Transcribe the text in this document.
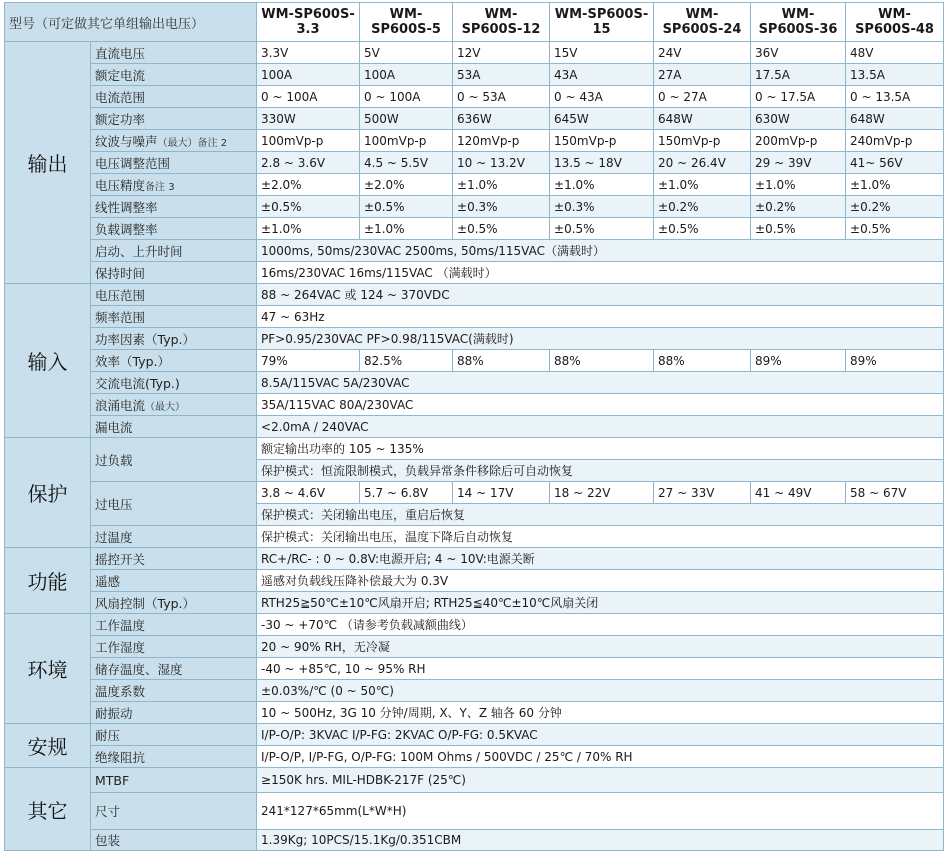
型号（可定做其它单组输出电压）		WM-SP600S-3.3	WM-SP600S-5	WM-SP600S-12	WM-SP600S-15	WM-SP600S-24	WM-SP600S-36	WM-SP600S-48
输出	直流电压	3.3V	5V	12V	15V	24V	36V	48V
	额定电流	100A	100A	53A	43A	27A	17.5A	13.5A
	电流范围	0 ~ 100A	0 ~ 100A	0 ~ 53A	0 ~ 43A	0 ~ 27A	0 ~ 17.5A	0 ~ 13.5A
	额定功率	330W	500W	636W	645W	648W	630W	648W
	纹波与噪声（最大）备注 2	100mVp-p	100mVp-p	120mVp-p	150mVp-p	150mVp-p	200mVp-p	240mVp-p
	电压调整范围	2.8 ~ 3.6V	4.5 ~ 5.5V	10 ~ 13.2V	13.5 ~ 18V	20 ~ 26.4V	29 ~ 39V	41~ 56V
	电压精度备注 3	±2.0%	±2.0%	±1.0%	±1.0%	±1.0%	±1.0%	±1.0%
	线性调整率	±0.5%	±0.5%	±0.3%	±0.3%	±0.2%	±0.2%	±0.2%
	负载调整率	±1.0%	±1.0%	±0.5%	±0.5%	±0.5%	±0.5%	±0.5%
	启动、上升时间	1000ms, 50ms/230VAC 2500ms, 50ms/115VAC（满载时）						
	保持时间	16ms/230VAC 16ms/115VAC （满载时）						
输入	电压范围	88 ~ 264VAC 或 124 ~ 370VDC						
	频率范围	47 ~ 63Hz						
	功率因素（Typ.）	PF>0.95/230VAC PF>0.98/115VAC(满载时)						
	效率（Typ.）	79%	82.5%	88%	88%	88%	89%	89%
	交流电流(Typ.)	8.5A/115VAC 5A/230VAC						
	浪涌电流（最大）	35A/115VAC 80A/230VAC						
	漏电流	<2.0mA / 240VAC						
保护	过负载	额定输出功率的 105 ~ 135%						
		保护模式：恒流限制模式，负载异常条件移除后可自动恢复						
	过电压	3.8 ~ 4.6V	5.7 ~ 6.8V	14 ~ 17V	18 ~ 22V	27 ~ 33V	41 ~ 49V	58 ~ 67V
		保护模式：关闭输出电压，重启后恢复						
	过温度	保护模式：关闭输出电压，温度下降后自动恢复						
功能	摇控开关	RC+/RC- : 0 ~ 0.8V:电源开启; 4 ~ 10V:电源关断						
	遥感	遥感对负载线压降补偿最大为 0.3V						
	风扇控制（Typ.）	RTH25≧50℃±10℃风扇开启; RTH25≦40℃±10℃风扇关闭						
环境	工作温度	-30 ~ +70℃ （请参考负载减额曲线）						
	工作湿度	20 ~ 90% RH，无冷凝						
	储存温度、湿度	-40 ~ +85℃, 10 ~ 95% RH						
	温度系数	±0.03%/℃ (0 ~ 50℃)						
	耐振动	10 ~ 500Hz, 3G 10 分钟/周期, X、Y、Z 轴各 60 分钟						
安规	耐压	I/P-O/P: 3KVAC I/P-FG: 2KVAC O/P-FG: 0.5KVAC						
	绝缘阻抗	I/P-O/P, I/P-FG, O/P-FG: 100M Ohms / 500VDC / 25℃ / 70% RH						
其它	MTBF	≥150K hrs. MIL-HDBK-217F (25℃)						
	尺寸	241*127*65mm(L*W*H)						
	包装	1.39Kg; 10PCS/15.1Kg/0.351CBM						
